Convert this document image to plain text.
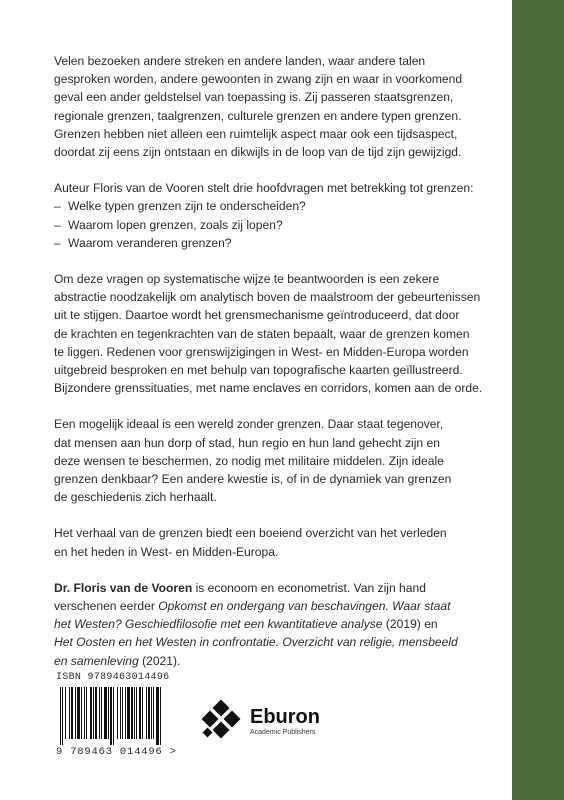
Velen bezoeken andere streken en andere landen, waar andere talen
gesproken worden, andere gewoonten in zwang zijn en waar in voorkomend
geval een ander geldstelsel van toepassing is. Zij passeren staatsgrenzen,
regionale grenzen, taalgrenzen, culturele grenzen en andere typen grenzen.
Grenzen hebben niet alleen een ruimtelijk aspect maar ook een tijdsaspect,
doordat zij eens zijn ontstaan en dikwijls in de loop van de tijd zijn gewijzigd.

Auteur Floris van de Vooren stelt drie hoofdvragen met betrekking tot grenzen:
– Welke typen grenzen zijn te onderscheiden?
– Waarom lopen grenzen, zoals zij lopen?
– Waarom veranderen grenzen?

Om deze vragen op systematische wijze te beantwoorden is een zekere
abstractie noodzakelijk om analytisch boven de maalstroom der gebeurtenissen
uit te stijgen. Daartoe wordt het grensmechanisme geïntroduceerd, dat door
de krachten en tegenkrachten van de staten bepaalt, waar de grenzen komen
te liggen. Redenen voor grenswijzigingen in West- en Midden-Europa worden
uitgebreid besproken en met behulp van topografische kaarten geïllustreerd.
Bijzondere grenssituaties, met name enclaves en corridors, komen aan de orde.

Een mogelijk ideaal is een wereld zonder grenzen. Daar staat tegenover,
dat mensen aan hun dorp of stad, hun regio en hun land gehecht zijn en
deze wensen te beschermen, zo nodig met militaire middelen. Zijn ideale
grenzen denkbaar? Een andere kwestie is, of in de dynamiek van grenzen
de geschiedenis zich herhaalt.

Het verhaal van de grenzen biedt een boeiend overzicht van het verleden
en het heden in West- en Midden-Europa.

Dr. Floris van de Vooren is econoom en econometrist. Van zijn hand
verschenen eerder Opkomst en ondergang van beschavingen. Waar staat
het Westen? Geschiedfilosofie met een kwantitatieve analyse (2019) en
Het Oosten en het Westen in confrontatie. Overzicht van religie, mensbeeld
en samenleving (2021).

ISBN 9789463014496
9 789463 014496 >
Eburon
Academic Publishers
